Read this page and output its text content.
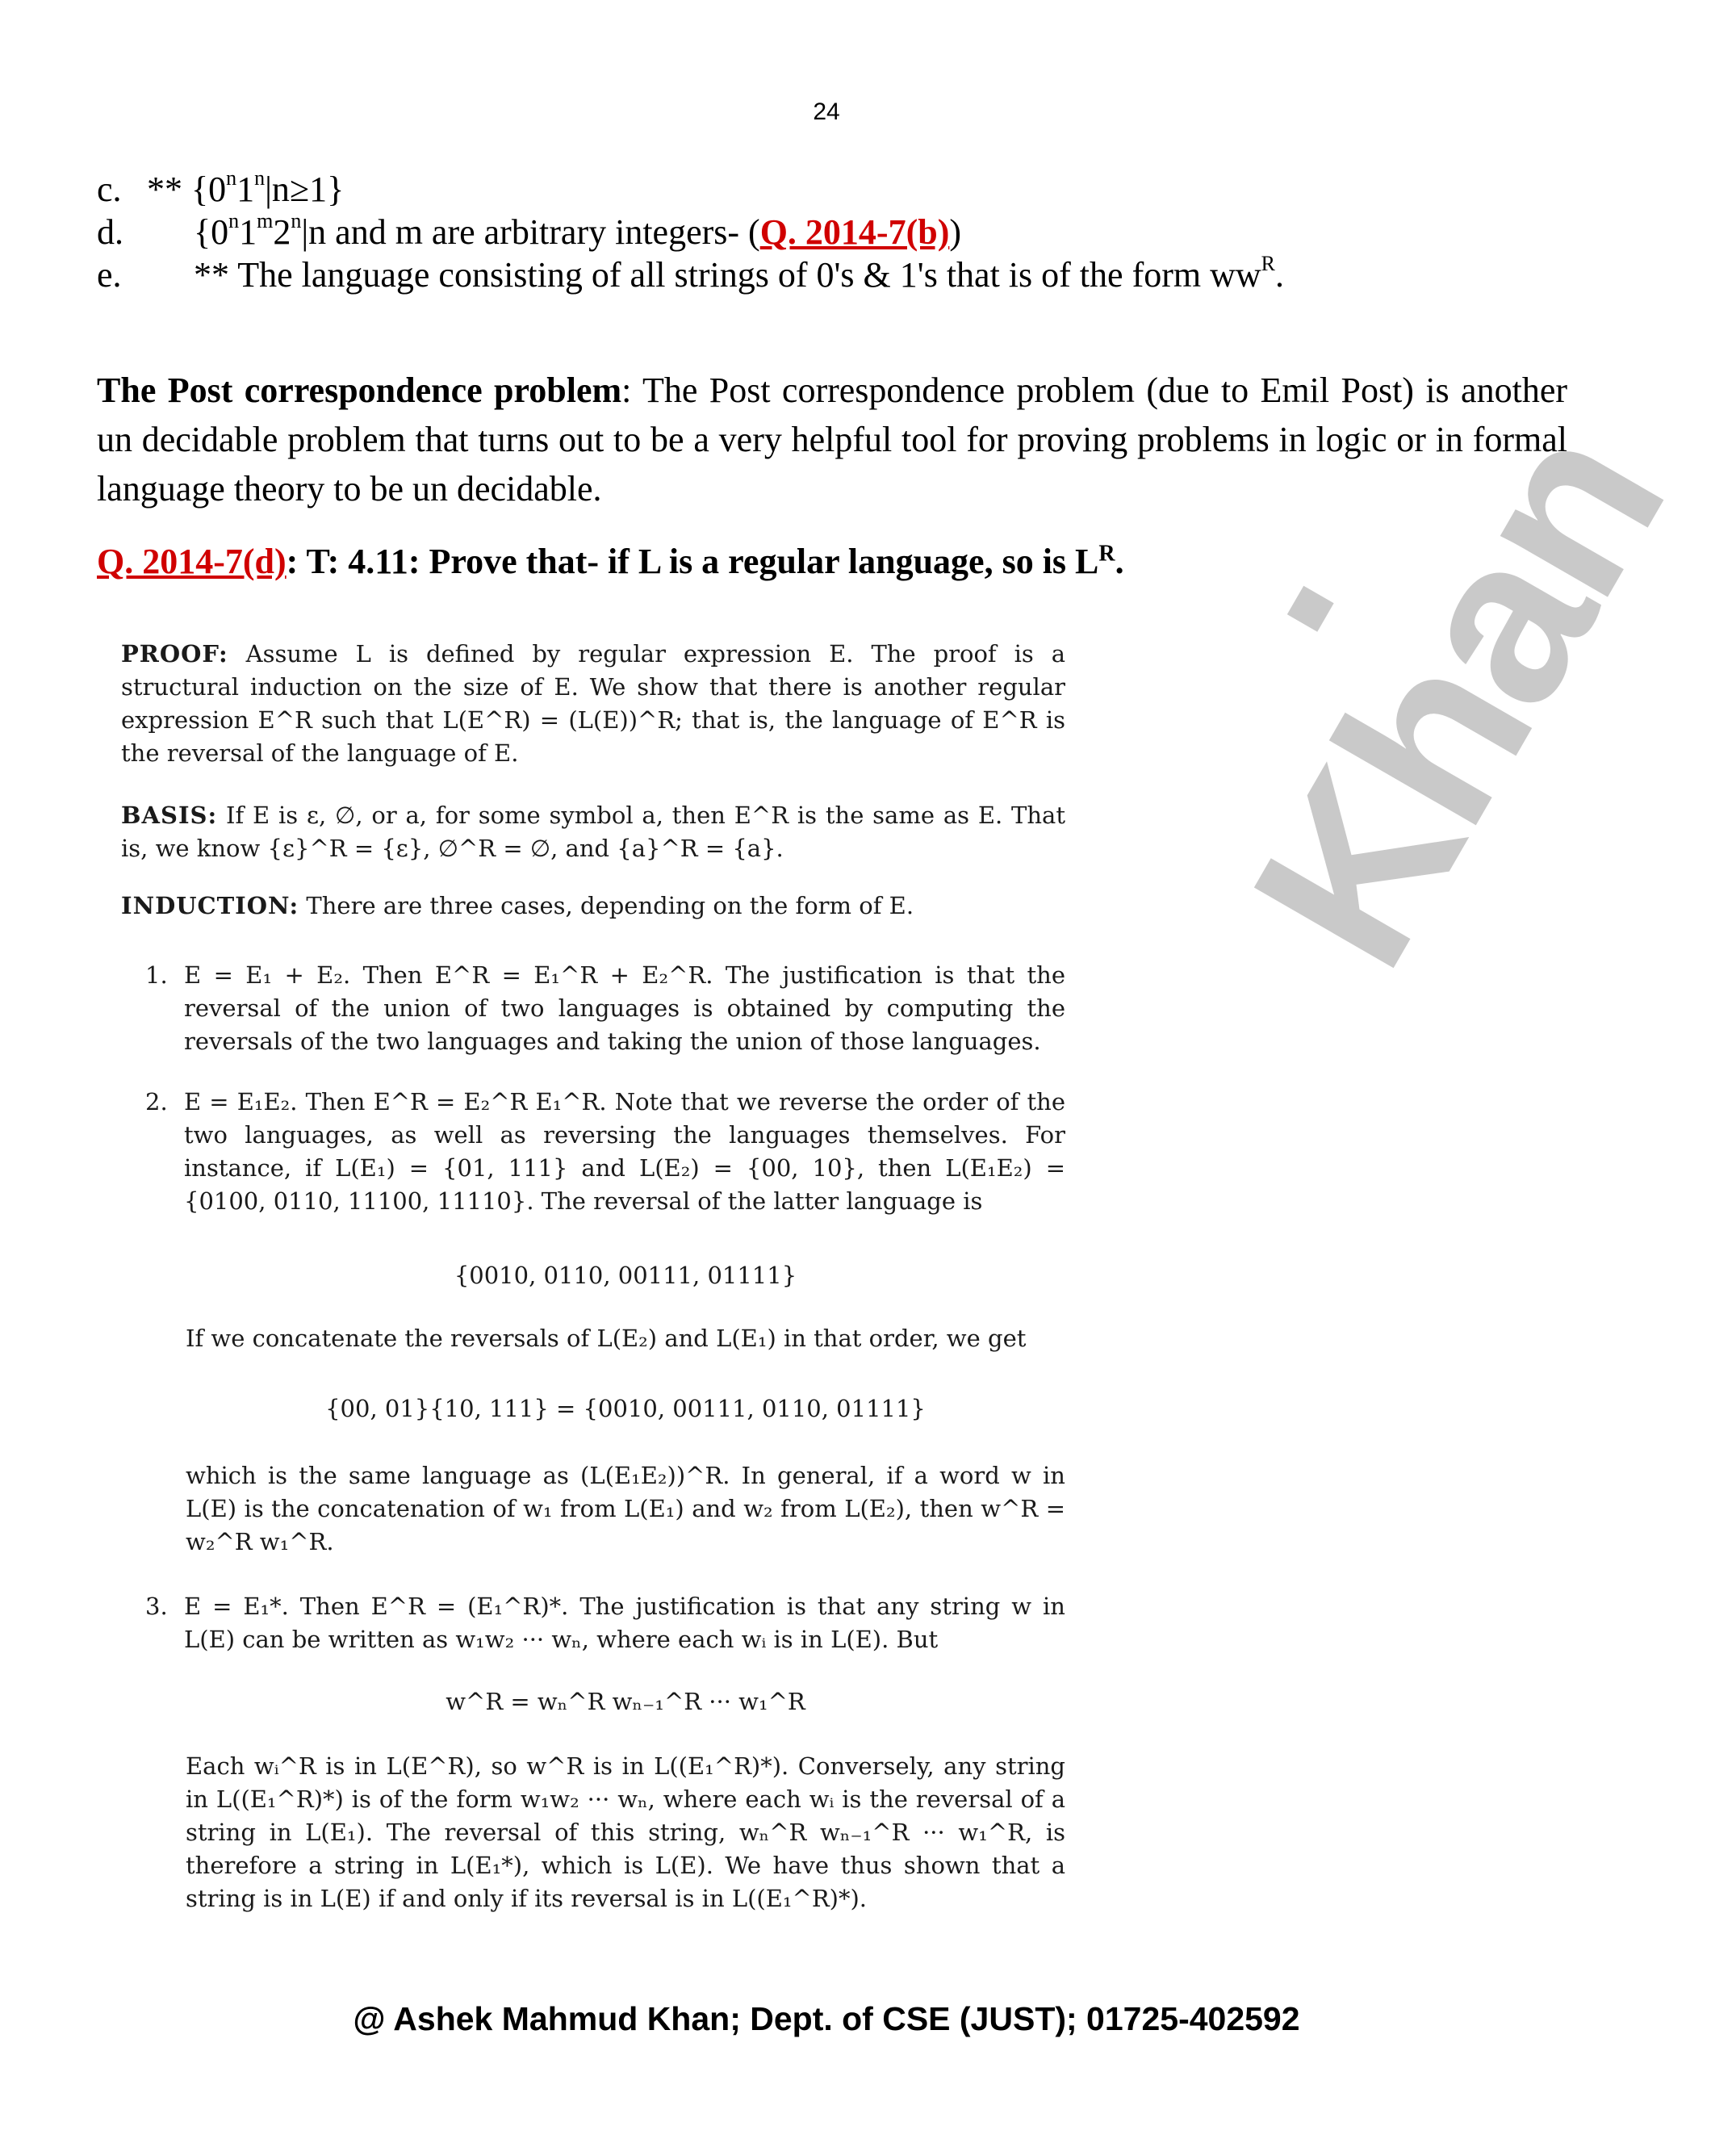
24
. Khan
c. ** $\{0^n1^n|n\ge 1\}$
d. {0$^n$1$^m$2$^n$|n and m are arbitrary integers- (Q. 2014-7(b))
e. ** The language consisting of all strings of 0's & 1's that is of the form $ww^R$.
The Post correspondence problem: The Post correspondence problem (due to Emil Post) is another un decidable problem that turns out to be a very helpful tool for proving problems in logic or in formal language theory to be un decidable.
Q. 2014-7(d): T: 4.11: Prove that- if L is a regular language, so is $L^R$.
PROOF: Assume L is defined by regular expression E. The proof is a structural induction on the size of E. We show that there is another regular expression E^R such that L(E^R) = (L(E))^R; that is, the language of E^R is the reversal of the language of E.
BASIS: If E is ε, ∅, or a, for some symbol a, then E^R is the same as E. That is, we know {ε}^R = {ε}, ∅^R = ∅, and {a}^R = {a}.
INDUCTION: There are three cases, depending on the form of E.
1. E = E₁ + E₂. Then E^R = E₁^R + E₂^R. The justification is that the reversal of the union of two languages is obtained by computing the reversals of the two languages and taking the union of those languages.
2. E = E₁E₂. Then E^R = E₂^R E₁^R. Note that we reverse the order of the two languages, as well as reversing the languages themselves. For instance, if L(E₁) = {01, 111} and L(E₂) = {00, 10}, then L(E₁E₂) = {0100, 0110, 11100, 11110}. The reversal of the latter language is
{0010, 0110, 00111, 01111}
If we concatenate the reversals of L(E₂) and L(E₁) in that order, we get
{00, 01}{10, 111} = {0010, 00111, 0110, 01111}
which is the same language as (L(E₁E₂))^R. In general, if a word w in L(E) is the concatenation of w₁ from L(E₁) and w₂ from L(E₂), then w^R = w₂^R w₁^R.
3. E = E₁*. Then E^R = (E₁^R)*. The justification is that any string w in L(E) can be written as w₁w₂ ··· wₙ, where each wᵢ is in L(E). But
w^R = wₙ^R wₙ₋₁^R ··· w₁^R
Each wᵢ^R is in L(E^R), so w^R is in L((E₁^R)*). Conversely, any string in L((E₁^R)*) is of the form w₁w₂ ··· wₙ, where each wᵢ is the reversal of a string in L(E₁). The reversal of this string, wₙ^R wₙ₋₁^R ··· w₁^R, is therefore a string in L(E₁*), which is L(E). We have thus shown that a string is in L(E) if and only if its reversal is in L((E₁^R)*).
@ Ashek Mahmud Khan; Dept. of CSE (JUST); 01725-402592
